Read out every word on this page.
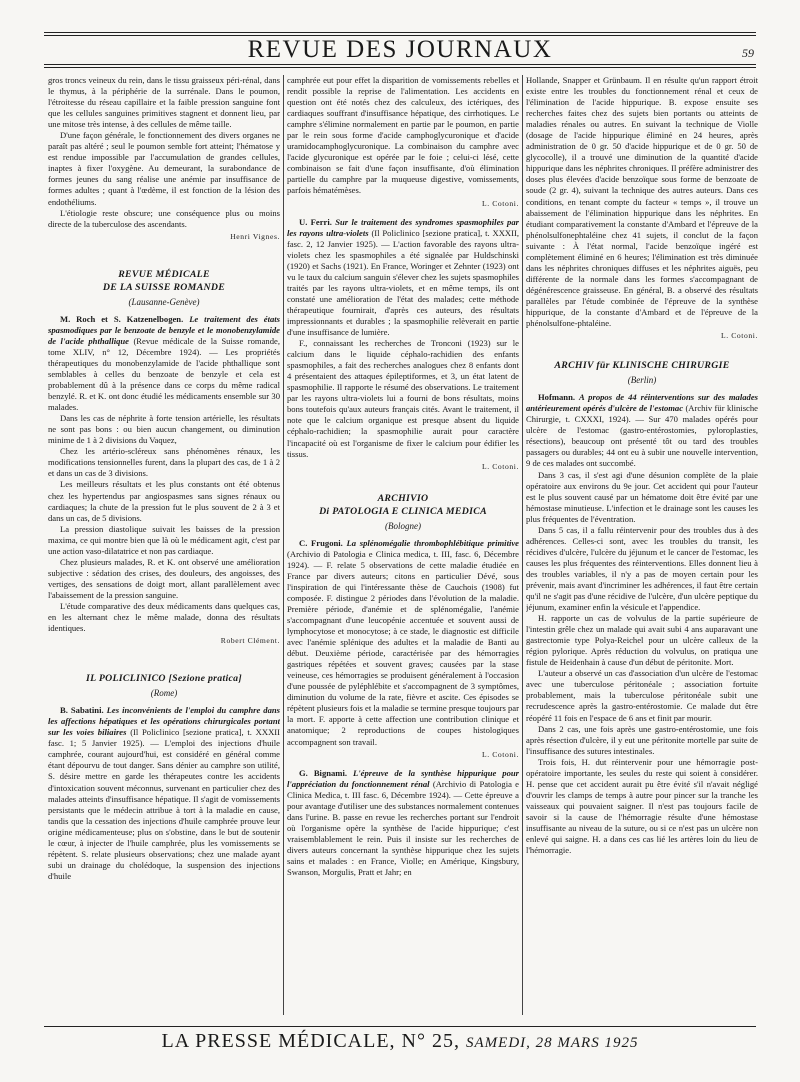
REVUE DES JOURNAUX	59

gros troncs veineux du rein, dans le tissu graisseux péri-rénal, dans le thymus, à la périphérie de la surrénale. Dans le poumon, l'étroitesse du réseau capillaire et la faible pression sanguine font que les cellules sanguines primitives stagnent et donnent lieu, par une mitose très intense, à des cellules de même taille.

D'une façon générale, le fonctionnement des divers organes ne paraît pas altéré ; seul le poumon semble fort atteint; l'hématose y est rendue impossible par l'accumulation de grandes cellules, inaptes à fixer l'oxygène. Au demeurant, la surabondance de formes jeunes du sang réalise une anémie par insuffisance de formes adultes ; quant à l'œdème, il est fonction de la lésion des endothéliums.

L'étiologie reste obscure; une conséquence plus ou moins directe de la tuberculose des ascendants.

Henri Vignes.
REVUE MÉDICALE
DE LA SUISSE ROMANDE
(Lausanne-Genève)

M. Roch et S. Katzenelbogen. Le traitement des états spasmodiques par le benzoate de benzyle et le monobenzylamide de l'acide phthallique (Revue médicale de la Suisse romande, tome XLIV, n° 12, Décembre 1924). — Les propriétés thérapeutiques du monobenzylamide de l'acide phthallique sont semblables à celles du benzoate de benzyle et cela est probablement dû à la présence dans ce corps du même radical benzylé. R. et K. ont donc étudié les médicaments ensemble sur 30 malades.

Dans les cas de néphrite à forte tension artérielle, les résultats ne sont pas bons : ou bien aucun changement, ou diminution minime de 1 à 2 divisions du Vaquez,

Chez les artério-scléreux sans phénomènes rénaux, les modifications tensionnelles furent, dans la plupart des cas, de 1 à 2 et dans un cas de 3 divisions.

Les meilleurs résultats et les plus constants ont été obtenus chez les hypertendus par angiospasmes sans signes rénaux ou cardiaques; la chute de la pression fut le plus souvent de 2 à 3 et dans un cas, de 5 divisions.

La pression diastolique suivait les baisses de la pression maxima, ce qui montre bien que là où le médicament agit, c'est par une action vaso-dilatatrice et non pas cardiaque.

Chez plusieurs malades, R. et K. ont observé une amélioration subjective : sédation des crises, des douleurs, des angoisses, des vertiges, des sensations de doigt mort, allant parallèlement avec l'abaissement de la pression sanguine.

L'étude comparative des deux médicaments dans quelques cas, en les alternant chez le même malade, donna des résultats identiques.

Robert Clément.
IL POLICLINICO [Sezione pratica]
(Rome)

B. Sabatini. Les inconvénients de l'emploi du camphre dans les affections hépatiques et les opérations chirurgicales portant sur les voies biliaires (Il Policlinico [sezione pratica], t. XXXII fasc. 1; 5 Janvier 1925). — L'emploi des injections d'huile camphrée, courant aujourd'hui, est considéré en général comme étant dépourvu de tout danger. Sans dénier au camphre son utilité, S. désire mettre en garde les thérapeutes contre les accidents d'intoxication souvent méconnus, survenant en particulier chez des malades atteints d'insuffisance hépatique. Il s'agit de vomissements persistants que le médecin attribue à tort à la maladie en cause, tandis que la cessation des injections d'huile camphrée prouve leur origine médicamenteuse; plus on s'obstine, dans le but de soutenir le cœur, à injecter de l'huile camphrée, plus les vomissements se répètent. S. relate plusieurs observations; chez une malade ayant subi un drainage du cholédoque, la suspension des injections d'huile

camphrée eut pour effet la disparition de vomissements rebelles et rendit possible la reprise de l'alimentation. Les accidents en question ont été notés chez des calculeux, des ictériques, des cardiaques souffrant d'insuffisance hépatique, des cirrhotiques. Le camphre s'élimine normalement en partie par le poumon, en partie par le rein sous forme d'acide camphoglycuronique et d'acide uramidocamphoglycuronique. La combinaison du camphre avec l'acide glycuronique est opérée par le foie ; celui-ci lésé, cette combinaison se fait d'une façon insuffisante, d'où élimination partielle du camphre par la muqueuse digestive, vomissements, parfois hématémèses.

L. Cotoni.

U. Ferri. Sur le traitement des syndromes spasmophiles par les rayons ultra-violets (Il Policlinico [sezione pratica], t. XXXII, fasc. 2, 12 Janvier 1925). — L'action favorable des rayons ultra-violets chez les spasmophiles a été signalée par Huldschinski (1920) et Sachs (1921). En France, Woringer et Zehnter (1923) ont vu le taux du calcium sanguin s'élever chez les sujets spasmophiles traités par les rayons ultra-violets, et en même temps, ils ont constaté une amélioration de l'état des malades; cette méthode thérapeutique fournirait, d'après ces auteurs, des résultats impressionnants et durables ; la spasmophilie relèverait en partie d'une insuffisance de lumière.

F., connaissant les recherches de Tronconi (1923) sur le calcium dans le liquide céphalo-rachidien des enfants spasmophiles, a fait des recherches analogues chez 8 enfants dont 4 présentaient des attaques épileptiformes, et 3, un état latent de spasmophilie. Il rapporte le résumé des observations. Le traitement par les rayons ultra-violets lui a fourni de bons résultats, moins bons toutefois qu'aux auteurs français cités. Avant le traitement, il note que le calcium organique est presque absent du liquide céphalo-rachidien; la spasmophilie aurait pour caractère l'incapacité où est l'organisme de fixer le calcium pour édifier les tissus.

L. Cotoni.
ARCHIVIO
Di PATOLOGIA E CLINICA MEDICA
(Bologne)

C. Frugoni. La splénomégalie thrombophlébitique primitive (Archivio di Patologia e Clinica medica, t. III, fasc. 6, Décembre 1924). — F. relate 5 observations de cette maladie étudiée en France par divers auteurs; citons en particulier Dévé, sous l'inspiration de qui l'intéressante thèse de Cauchois (1908) fut composée. F. distingue 2 périodes dans l'évolution de la maladie. Première période, d'anémie et de splénomégalie, l'anémie s'accompagnant d'une leucopénie accentuée et souvent aussi de lymphocytose et monocytose; à ce stade, le diagnostic est difficile avec l'anémie splénique des adultes et la maladie de Banti au début. Deuxième période, caractérisée par des hémorragies gastriques répétées et souvent graves; causées par la stase veineuse, ces hémorragies se produisent généralement à l'occasion d'une poussée de pyléphlébite et s'accompagnent de 3 symptômes, diminution du volume de la rate, fièvre et ascite. Ces épisodes se répètent plusieurs fois et la maladie se termine presque toujours par la mort. F. apporte à cette affection une contribution clinique et anatomique; 2 reproductions de coupes histologiques accompagnent son travail.

L. Cotoni.

G. Bignami. L'épreuve de la synthèse hippurique pour l'appréciation du fonctionnement rénal (Archivio di Patologia e Clinica Medica, t. III fasc. 6, Décembre 1924). — Cette épreuve a pour avantage d'utiliser une des substances normalement contenues dans l'urine. B. passe en revue les recherches portant sur l'endroit où l'organisme opère la synthèse de l'acide hippurique; c'est vraisemblablement le rein. Puis il insiste sur les recherches de divers auteurs concernant la synthèse hippurique chez les sujets sains et malades : en France, Violle; en Amérique, Kingsbury, Swanson, Morgulis, Pratt et Jahr; en

Hollande, Snapper et Grünbaum. Il en résulte qu'un rapport étroit existe entre les troubles du fonctionnement rénal et ceux de l'élimination de l'acide hippurique. B. expose ensuite ses recherches faites chez des sujets bien portants ou atteints de maladies rénales ou autres. En suivant la technique de Violle (dosage de l'acide hippurique éliminé en 24 heures, après administration de 0 gr. 50 d'acide hippurique et de 0 gr. 50 de glycocolle), il a trouvé une diminution de la quantité d'acide hippurique dans les néphrites chroniques. Il préfère administrer des doses plus élevées d'acide benzoïque sous forme de benzoate de soude (2 gr. 4), suivant la technique des autres auteurs. Dans ces conditions, en tenant compte du facteur « temps », il trouve un abaissement de l'élimination hippurique dans les néphrites. En étudiant comparativement la constante d'Ambard et l'épreuve de la phénolsulfonephtaléine chez 41 sujets, il conclut de la façon suivante : À l'état normal, l'acide benzoïque ingéré est complètement éliminé en 6 heures; l'élimination est très diminuée dans les néphrites chroniques diffuses et les néphrites aiguës, peu différente de la normale dans les formes s'accompagnant de dégénérescence graisseuse. En général, B. a observé des résultats parallèles par l'étude combinée de l'épreuve de la synthèse hippurique, de la constante d'Ambard et de l'épreuve de la phénolsulfone-phtaléine.

L. Cotoni.
ARCHIV für KLINISCHE CHIRURGIE
(Berlin)

Hofmann. A propos de 44 réinterventions sur des malades antérieurement opérés d'ulcère de l'estomac (Archiv für klinische Chirurgie, t. CXXXI, 1924). — Sur 470 malades opérés pour ulcère de l'estomac (gastro-entérostomies, pyloroplasties, résections), beaucoup ont présenté tôt ou tard des troubles passagers ou durables; 44 ont eu à subir une nouvelle intervention, 9 de ces malades ont succombé.

Dans 3 cas, il s'est agi d'une désunion complète de la plaie opératoire aux environs du 9e jour. Cet accident qui pour l'auteur est le plus souvent causé par un hématome doit être évité par une hémostase minutieuse. L'infection et le drainage sont les causes les plus fréquentes de l'éventration.

Dans 5 cas, il a fallu réintervenir pour des troubles dus à des adhérences. Celles-ci sont, avec les troubles du transit, les récidives d'ulcère, l'ulcère du jéjunum et le cancer de l'estomac, les causes les plus fréquentes des réinterventions. Elles donnent lieu à des troubles variables, il n'y a pas de moyen certain pour les prévenir, mais avant d'incriminer les adhérences, il faut être certain qu'il ne s'agit pas d'une récidive de l'ulcère, d'un ulcère peptique du jéjunum, examiner enfin la vésicule et l'appendice.

H. rapporte un cas de volvulus de la partie supérieure de l'intestin grêle chez un malade qui avait subi 4 ans auparavant une gastrectomie type Polya-Reichel pour un ulcère calleux de la région pylorique. Après réduction du volvulus, on pratiqua une fistule de Heidenhain à cause d'un début de péritonite. Mort.

L'auteur a observé un cas d'association d'un ulcère de l'estomac avec une tuberculose péritonéale ; association fortuite probablement, mais la tuberculose péritonéale subit une recrudescence après la gastro-entérostomie. Ce malade dut être réopéré 11 fois en l'espace de 6 ans et finit par mourir.

Dans 2 cas, une fois après une gastro-entérostomie, une fois après résection d'ulcère, il y eut une péritonite mortelle par suite de l'insuffisance des sutures intestinales.

Trois fois, H. dut réintervenir pour une hémorragie post-opératoire importante, les seules du reste qui soient à considérer. H. pense que cet accident aurait pu être évité s'il n'avait négligé d'ouvrir les clamps de temps à autre pour pincer sur la tranche les vaisseaux qui pouvaient saigner. Il n'est pas toujours facile de savoir si la cause de l'hémorragie résulte d'une hémostase insuffisante au niveau de la suture, ou si ce n'est pas un ulcère non enlevé qui saigne. H. a dans ces cas lié les artères loin du lieu de l'hémorragie.

LA PRESSE MÉDICALE, N° 25, SAMEDI, 28 MARS 1925
